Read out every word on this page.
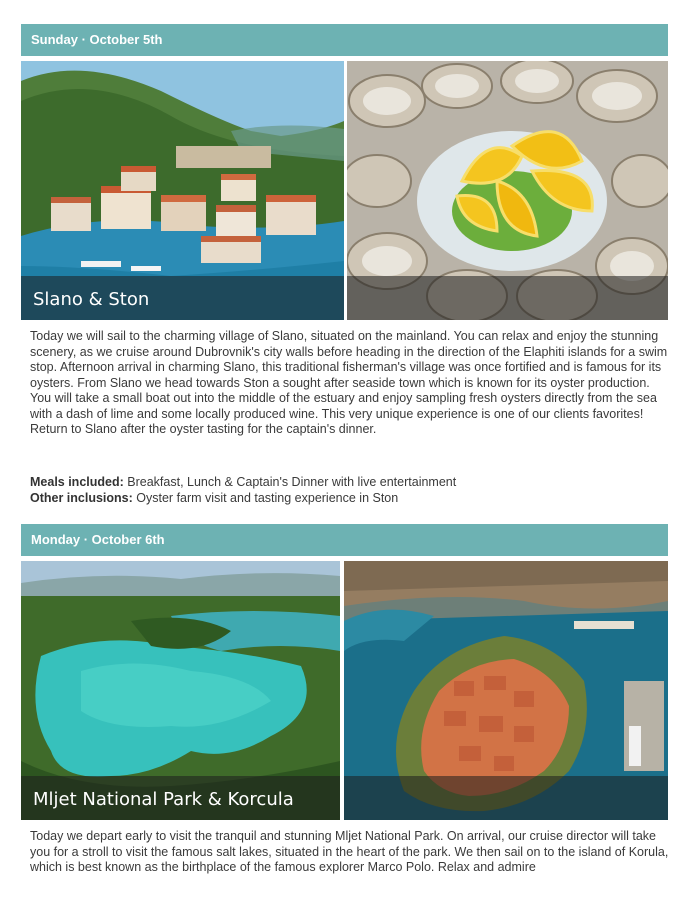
Sunday · October 5th
Slano & Ston

Today we will sail to the charming village of Slano, situated on the mainland. You can relax and enjoy the stunning scenery, as we cruise around Dubrovnik's city walls before heading in the direction of the Elaphiti islands for a swim stop. Afternoon arrival in charming Slano, this traditional fisherman's village was once fortified and is famous for its oysters. From Slano we head towards Ston a sought after seaside town which is known for its oyster production. You will take a small boat out into the middle of the estuary and enjoy sampling fresh oysters directly from the sea with a dash of lime and some locally produced wine. This very unique experience is one of our clients favorites! Return to Slano after the oyster tasting for the captain's dinner.

Meals included: Breakfast, Lunch & Captain's Dinner with live entertainment
Other inclusions: Oyster farm visit and tasting experience in Ston
Monday · October 6th
Mljet National Park & Korcula

Today we depart early to visit the tranquil and stunning Mljet National Park. On arrival, our cruise director will take you for a stroll to visit the famous salt lakes, situated in the heart of the park. We then sail on to the island of Korula, which is best known as the birthplace of the famous explorer Marco Polo. Relax and admire
